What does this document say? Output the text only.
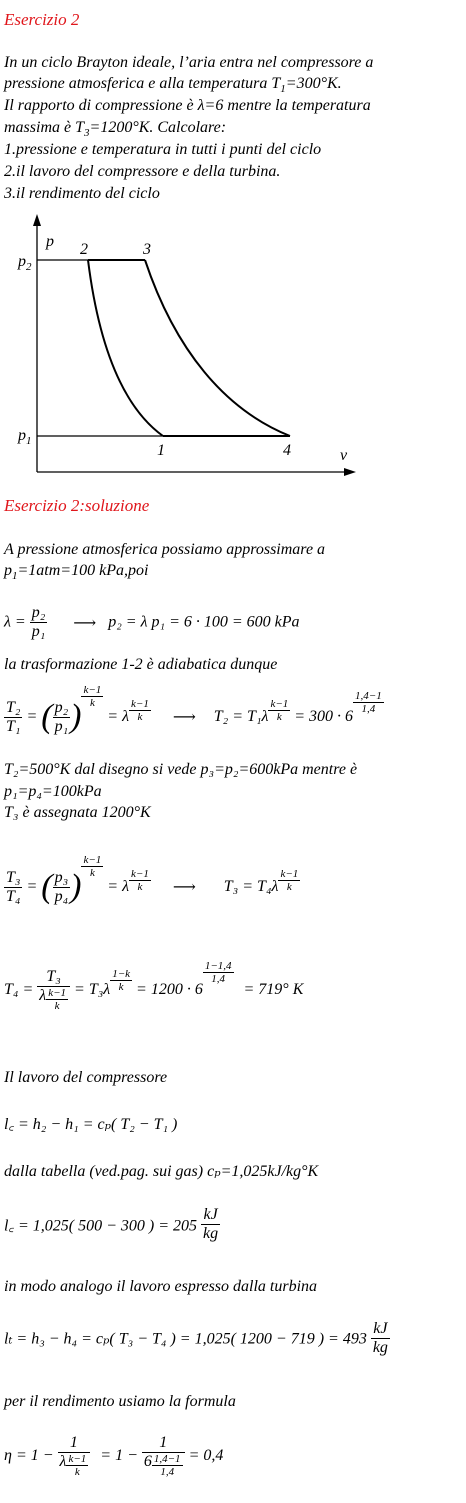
Esercizio 2
In un ciclo Brayton ideale, l’aria entra nel compressore a
pressione atmosferica e alla temperatura $T_1=300^\circ K$.
Il rapporto di compressione è λ=6 mentre la temperatura
massima è $T_3=1200^\circ K$. Calcolare:
1.pressione e temperatura in tutti i punti del ciclo
2.il lavoro del compressore e della turbina.
3.il rendimento del ciclo
p
v
$p_2$
$p_1$
2	3
1	4
Esercizio 2:soluzione
A pressione atmosferica possiamo approssimare a
$p_1=1atm=100$ kPa,poi
$\lambda = \frac{\text{p₂}}{\text{p₁}}$ ⟶ p₂ = λ p₁ = 6 · 100 = 600 kPa
la trasformazione 1-2 è adiabatica dunque
$\frac{\text{T₂}}{\text{T₁}}$ = ( $\frac{\text{p₂}}{\text{p₁}}$ )
$\frac{k-1}{k}$
= λ $\frac{k-1}{k}$ ⟶ $T_2 = T_1\lambda \frac{k-1}{k} = 300 \cdot 6$
$\frac{1,4-1}{1,4}$
T₂=500°K dal disegno si vede p₃=p₂=600kPa mentre è
p₁=p₄=100kPa
T₃ è assegnata 1200°K
$\frac{\text{T₃}}{\text{T₄}}$ = ( $\frac{\text{p₃}}{\text{p₄}}$ )
$\frac{k-1}{k}$
= λ $\frac{k-1}{k}$ ⟶ $T_3 = T_4\lambda \frac{k-1}{k}$
$T_4 = \frac{\text{T₃}}{\lambda \frac{k-1}{k}} = T_3\lambda \frac{1-k}{k} = 1200 \cdot 6$
$\frac{1-1,4}{1,4}$
= 719° K
Il lavoro del compressore
l꜀ = h₂ − h₁ = cₚ( T₂ − T₁ )
dalla tabella (ved.pag. sui gas) cₚ=1,025kJ/kg°K
l꜀ = 1,025( 500 − 300 ) = $205 \frac{kJ}{kg}$
in modo analogo il lavoro espresso dalla turbina
lₜ = h₃ − h₄ = cₚ( T₃ − T₄ ) = 1,025( 1200 − 719 ) = $493 \frac{kJ}{kg}$
per il rendimento usiamo la formula
$\eta = 1 - \frac{1}{\lambda \frac{k-1}{k}} = 1 - \frac{1}{6 \frac{1,4-1}{1,4}} = 0,4$
